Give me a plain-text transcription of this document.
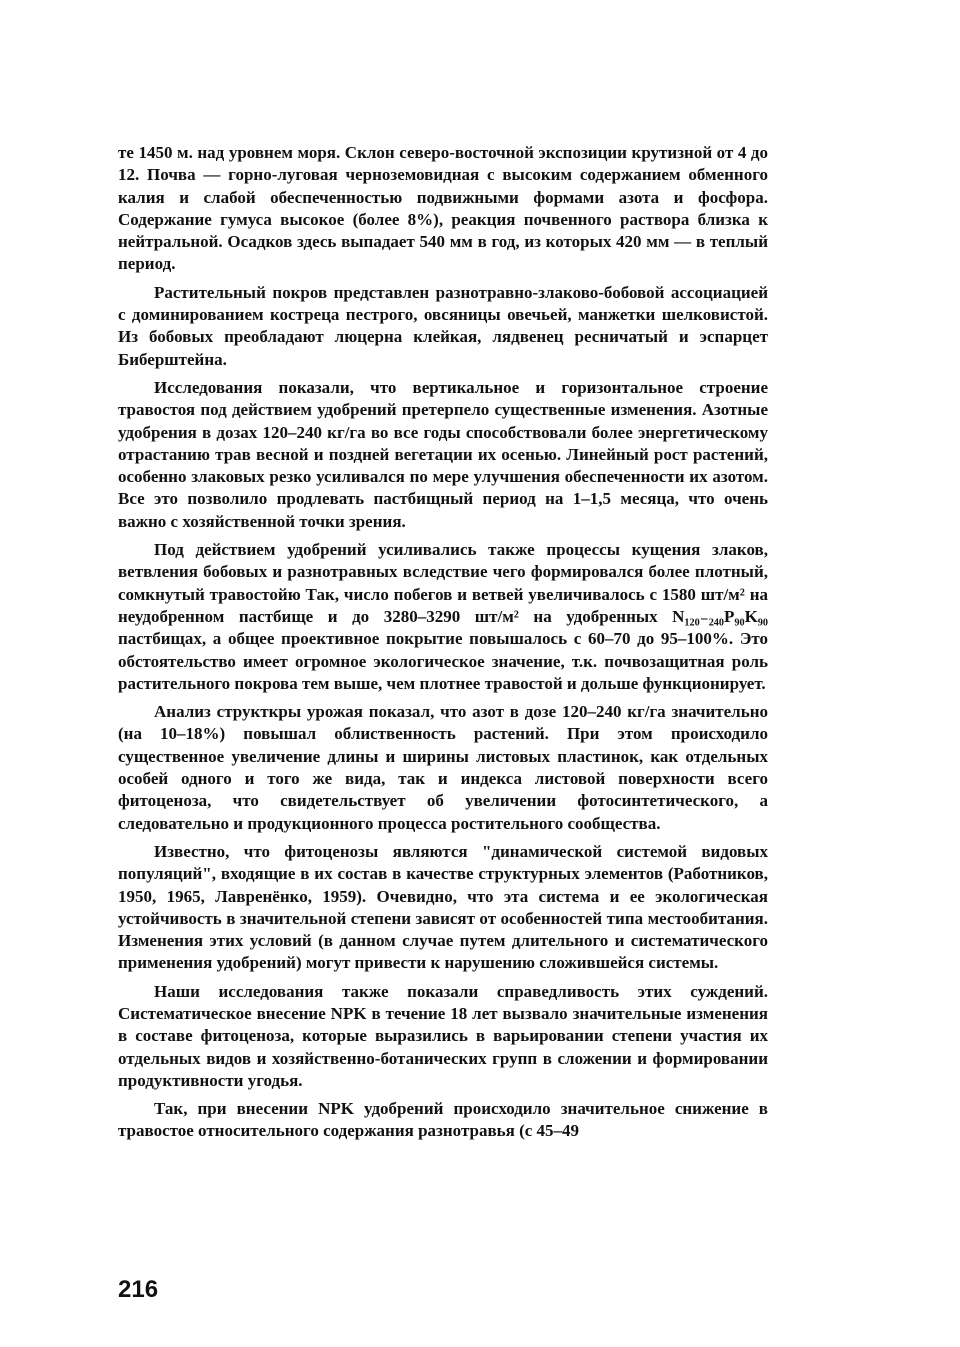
те 1450 м. над уровнем моря. Склон северо-восточной экспозиции крутизной от 4 до 12. Почва — горно-луговая черноземовидная с высоким содержанием обменного калия и слабой обеспеченностью подвижными формами азота и фосфора. Содержание гумуса высокое (более 8%), реакция почвенного раствора близка к нейтральной. Осадков здесь выпадает 540 мм в год, из которых 420 мм — в теплый период.

Растительный покров представлен разнотравно-злаково-бобовой ассоциацией с доминированием костреца пестрого, овсяницы овечьей, манжетки шелковистой. Из бобовых преобладают люцерна клейкая, лядвенец ресничатый и эспарцет Биберштейна.

Исследования показали, что вертикальное и горизонтальное строение травостоя под действием удобрений претерпело существенные изменения. Азотные удобрения в дозах 120–240 кг/га во все годы способствовали более энергетическому отрастанию трав весной и поздней вегетации их осенью. Линейный рост растений, особенно злаковых резко усиливался по мере улучшения обеспеченности их азотом. Все это позволило продлевать пастбищный период на 1–1,5 месяца, что очень важно с хозяйственной точки зрения.

Под действием удобрений усиливались также процессы кущения злаков, ветвления бобовых и разнотравных вследствие чего формировался более плотный, сомкнутый травостойю Так, число побегов и ветвей увеличивалось с 1580 шт/м² на неудобренном пастбище и до 3280–3290 шт/м² на удобренных N₁₂₀₋₂₄₀P₉₀K₉₀ пастбищах, а общее проективное покрытие повышалось с 60–70 до 95–100%. Это обстоятельство имеет огромное экологическое значение, т.к. почвозащитная роль растительного покрова тем выше, чем плотнее травостой и дольше функционирует.

Анализ структкры урожая показал, что азот в дозе 120–240 кг/га значительно (на 10–18%) повышал облиственность растений. При этом происходило существенное увеличение длины и ширины листовых пластинок, как отдельных особей одного и того же вида, так и индекса листовой поверхности всего фитоценоза, что свидетельствует об увеличении фотосинтетического, а следовательно и продукционного процесса ростительного сообщества.

Известно, что фитоценозы являются "динамической системой видовых популяций", входящие в их состав в качестве структурных элементов (Работников, 1950, 1965, Лавренёнко, 1959). Очевидно, что эта система и ее экологическая устойчивость в значительной степени зависят от особенностей типа местообитания. Изменения этих условий (в данном случае путем длительного и систематического применения удобрений) могут привести к нарушению сложившейся системы.

Наши исследования также показали справедливость этих суждений. Систематическое внесение NPK в течение 18 лет вызвало значительные изменения в составе фитоценоза, которые выразились в варьировании степени участия их отдельных видов и хозяйственно-ботанических групп в сложении и формировании продуктивности угодья.

Так, при внесении NPK удобрений происходило значительное снижение в травостое относительного содержания разнотравья (с 45–49

216
